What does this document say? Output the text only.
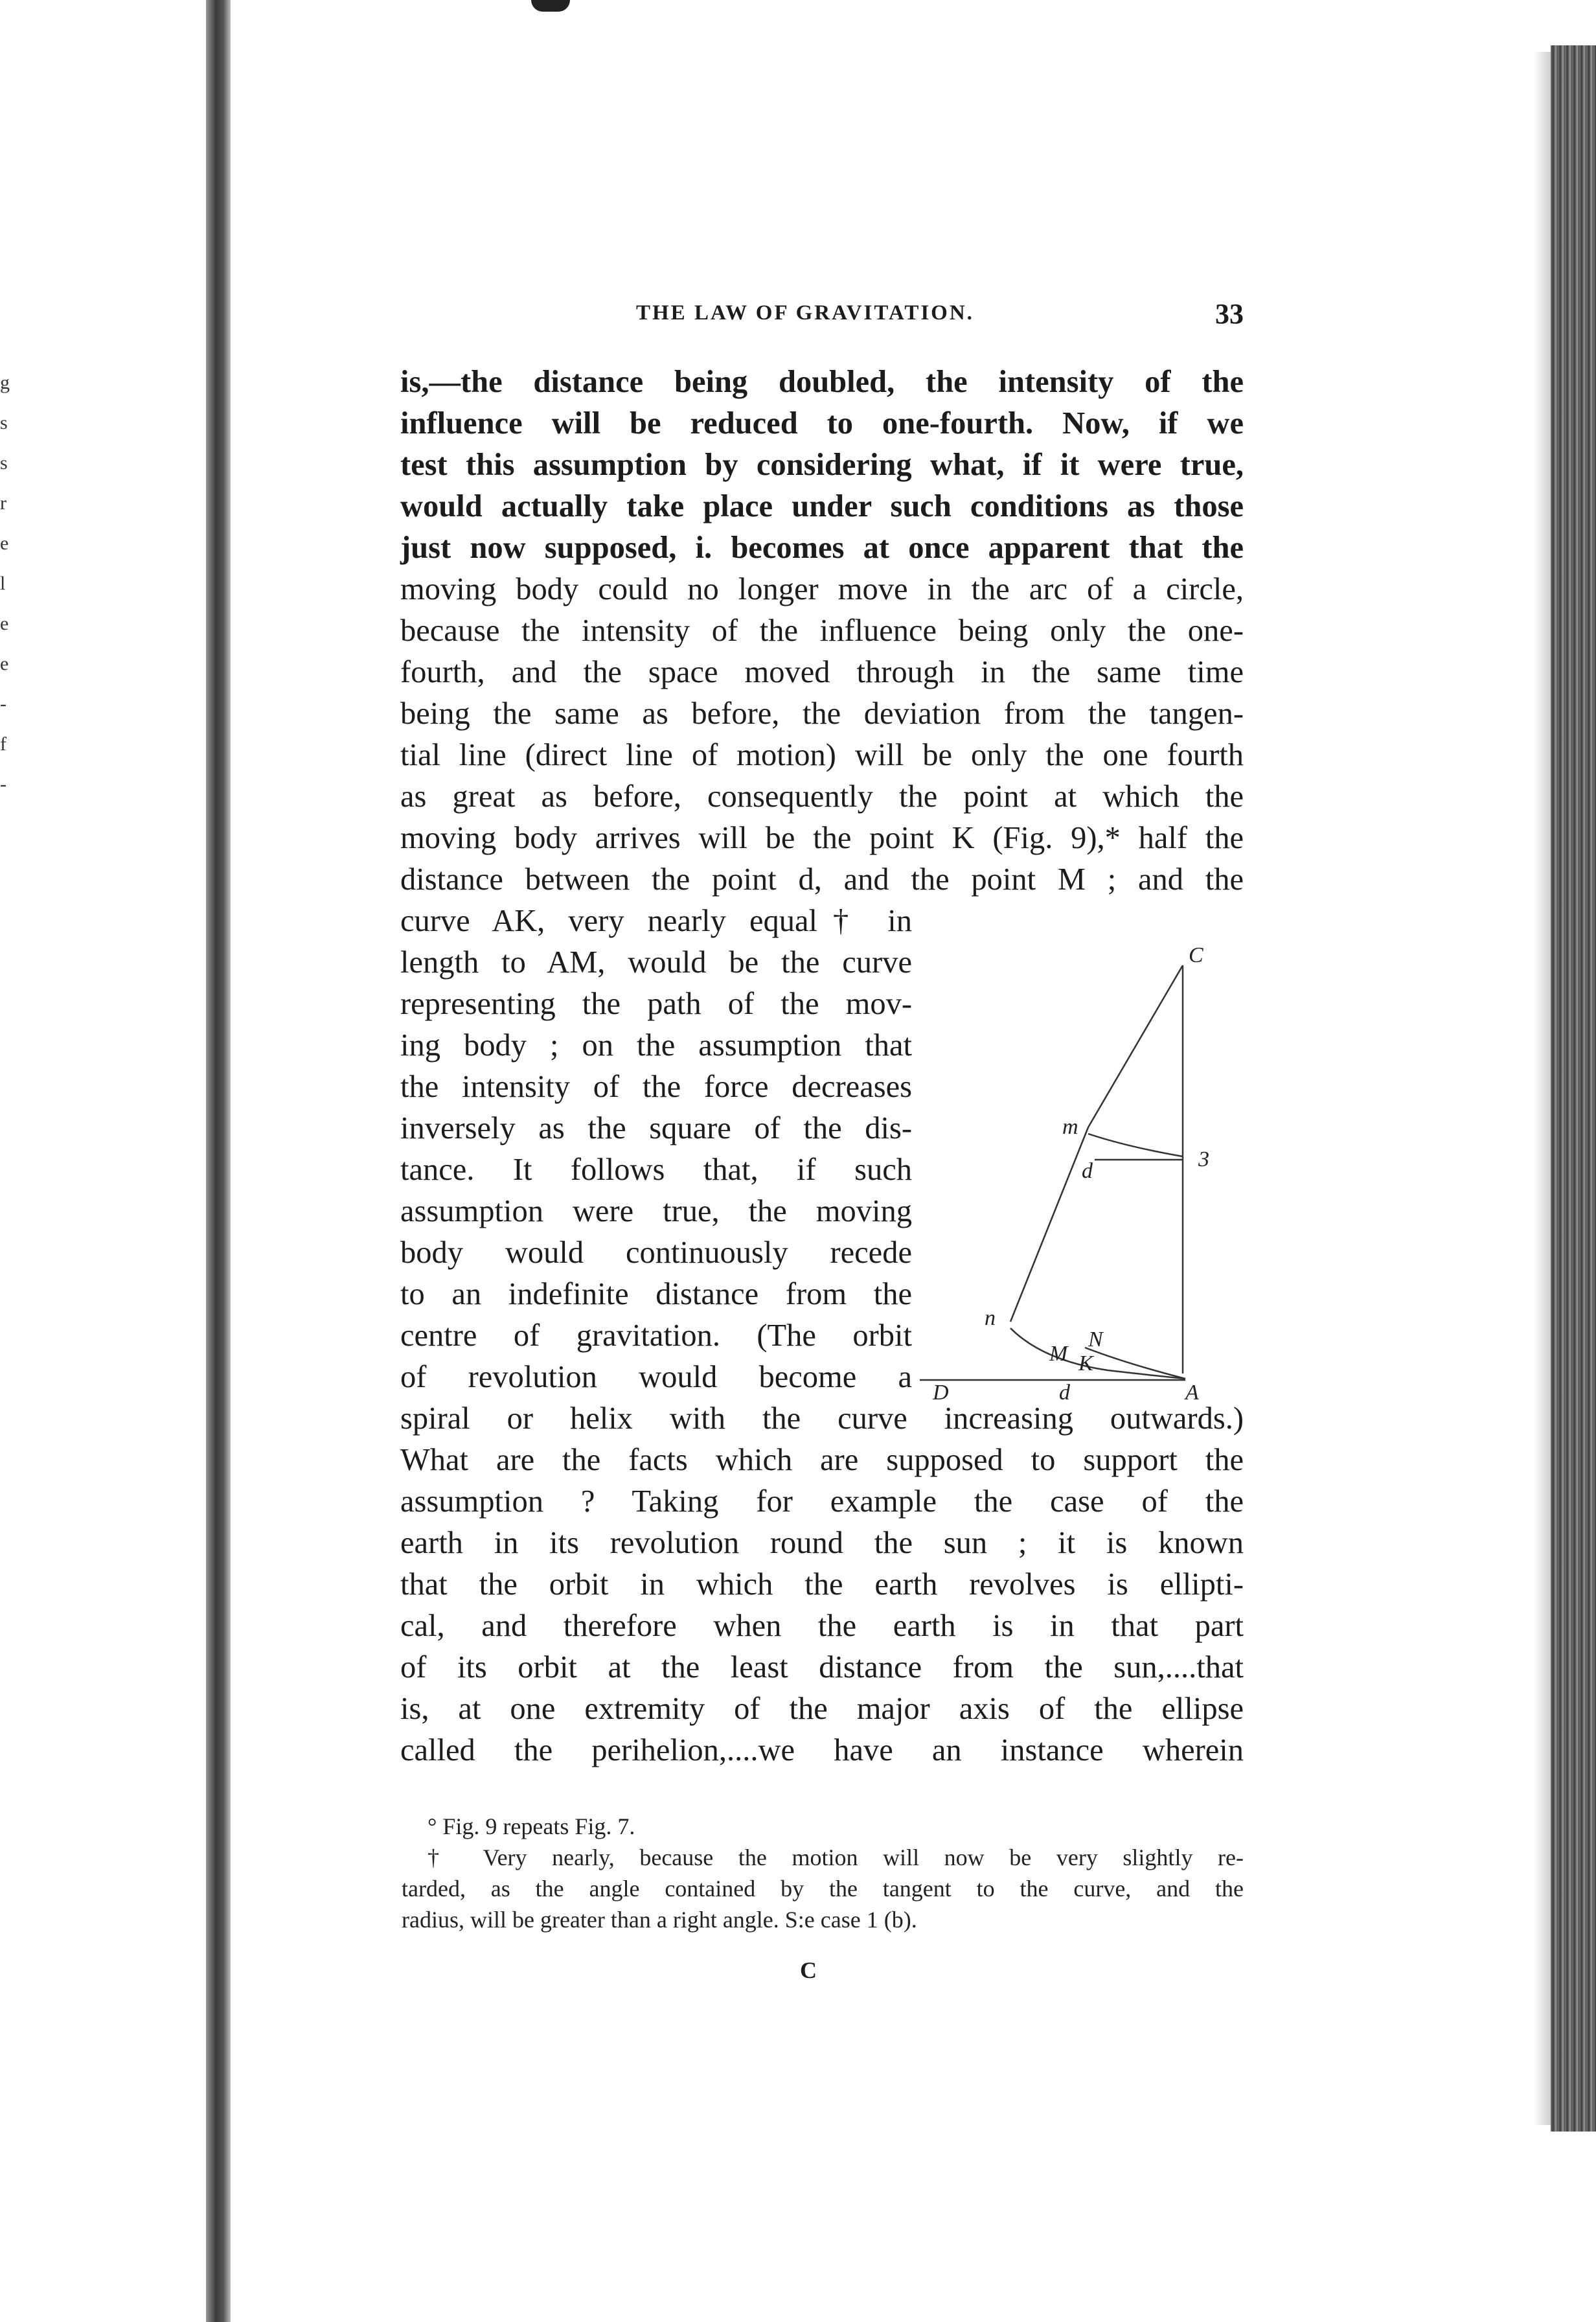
g
s
s
r
e
l
e
e
-
f
-
THE LAW OF GRAVITATION.	33
is,—the distance being doubled, the intensity of the
influence will be reduced to one-fourth. Now, if we
test this assumption by considering what, if it were true,
would actually take place under such conditions as those
just now supposed, i. becomes at once apparent that the
moving body could no longer move in the arc of a circle,
because the intensity of the influence being only the one-
fourth, and the space moved through in the same time
being the same as before, the deviation from the tangen-
tial line (direct line of motion) will be only the one fourth
as great as before, consequently the point at which the
moving body arrives will be the point K (Fig. 9),* half the
distance between the point d, and the point M ; and the
curve AK, very nearly equal† in
length to AM, would be the curve
representing the path of the mov-
ing body ; on the assumption that
the intensity of the force decreases
inversely as the square of the dis-
tance. It follows that, if such
assumption were true, the moving
body would continuously recede
to an indefinite distance from the
centre of gravitation. (The orbit
of revolution would become a
spiral or helix with the curve increasing outwards.)
What are the facts which are supposed to support the
assumption ? Taking for example the case of the
earth in its revolution round the sun ; it is known
that the orbit in which the earth revolves is ellipti-
cal, and therefore when the earth is in that part
of its orbit at the least distance from the sun,....that
is, at one extremity of the major axis of the ellipse
called the perihelion,....we have an instance wherein
C
m
3
d
n
N
M K
D	d	A
° Fig. 9 repeats Fig. 7.
† Very nearly, because the motion will now be very slightly re-
tarded, as the angle contained by the tangent to the curve, and the
radius, will be greater than a right angle. S:e case 1 (b).
C
